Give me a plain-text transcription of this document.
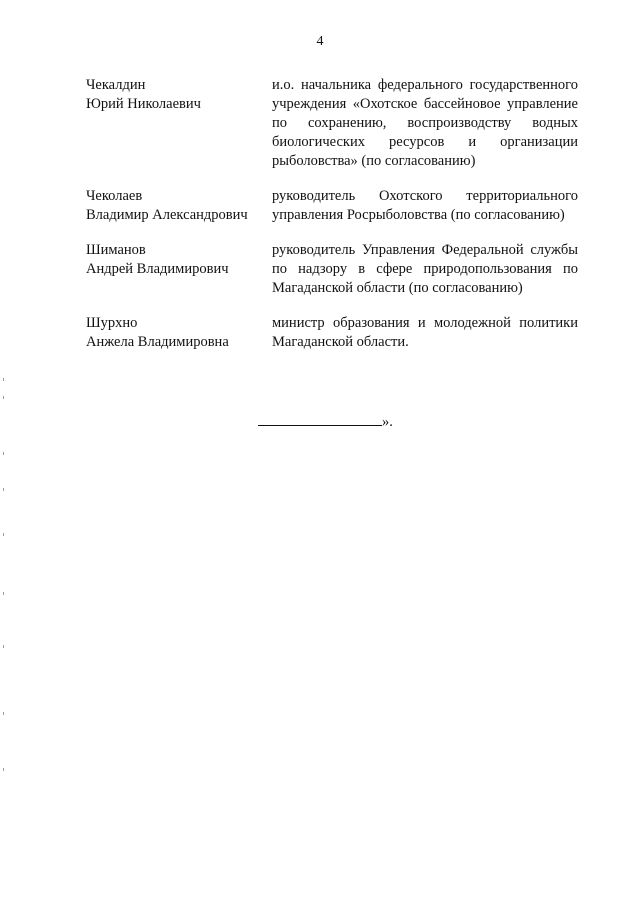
4
Чекалдин
Юрий Николаевич
и.о. начальника федерального государственного учреждения «Охотское бассейновое управление по сохранению, воспроизводству водных биологических ресурсов и организации рыболовства» (по согласованию)
Чеколаев
Владимир Александрович
руководитель Охотского территориального управления Росрыболовства (по согласованию)
Шиманов
Андрей Владимирович
руководитель Управления Федеральной службы по надзору в сфере природопользования по Магаданской области (по согласованию)
Шурхно
Анжела Владимировна
министр образования и молодежной политики Магаданской области.
».
